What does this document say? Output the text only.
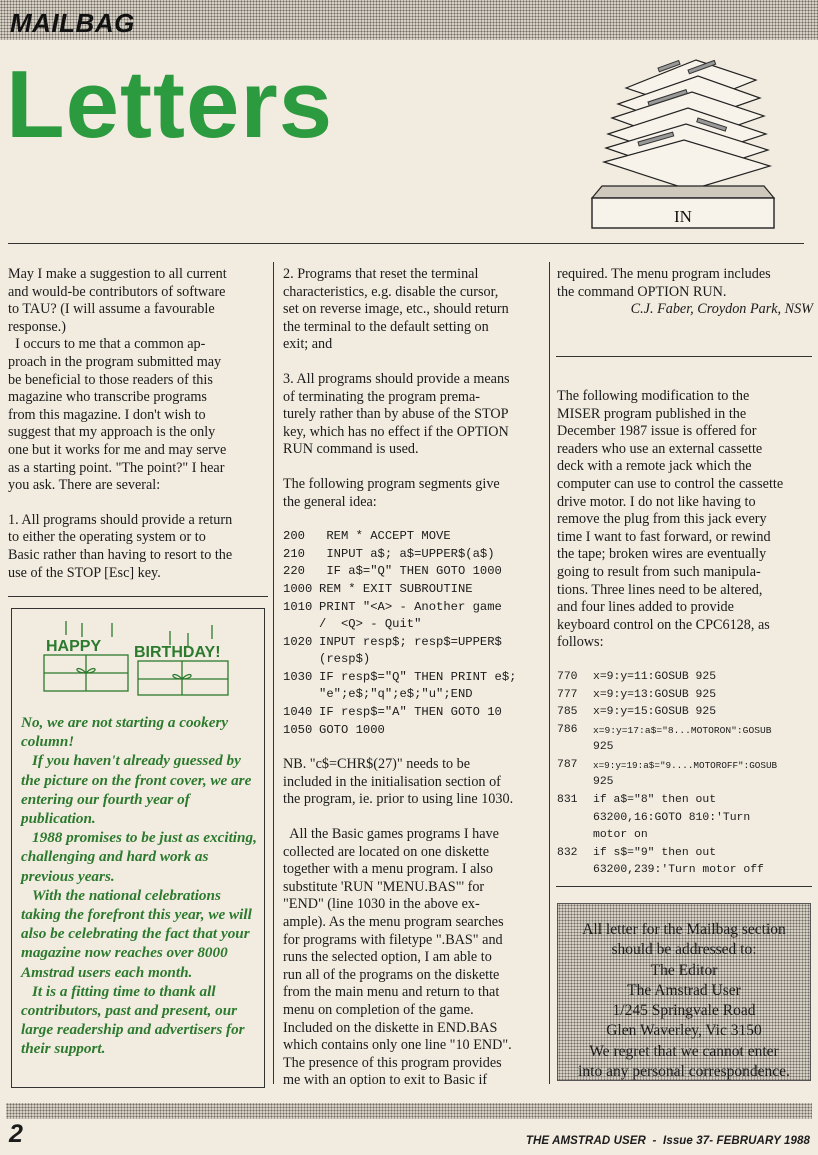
MAILBAG
Letters
IN

May I make a suggestion to all current

and would-be contributors of software

to TAU? (I will assume a favourable

response.)

I occurs to me that a common ap-

proach in the program submitted may

be beneficial to those readers of this

magazine who transcribe programs

from this magazine. I don't wish to

suggest that my approach is the only

one but it works for me and may serve

as a starting point. "The point?" I hear

you ask. There are several:

1. All programs should provide a return

to either the operating system or to

Basic rather than having to resort to the

use of the STOP [Esc] key.

HAPPY BIRTHDAY!

No, we are not starting a cookery column!

If you haven't already guessed by the picture on the front cover, we are entering our fourth year of publication.

1988 promises to be just as exciting, challenging and hard work as previous years.

With the national celebrations taking the forefront this year, we will also be celebrating the fact that your magazine now reaches over 8000 Amstrad users each month.

It is a fitting time to thank all contributors, past and present, our large readership and advertisers for their support.

2. Programs that reset the terminal

characteristics, e.g. disable the cursor,

set on reverse image, etc., should return

the terminal to the default setting on

exit; and

3. All programs should provide a means

of terminating the program prema-

turely rather than by abuse of the STOP

key, which has no effect if the OPTION

RUN command is used.

The following program segments give

the general idea:

200	REM * ACCEPT MOVE
210	INPUT a$; a$=UPPER$(a$)
220	IF a$="Q" THEN GOTO 1000
1000 REM * EXIT SUBROUTINE
1010 PRINT "<A> - Another game
/  <Q> - Quit"
1020 INPUT resp$; resp$=UPPER$
(resp$)
1030 IF resp$="Q" THEN PRINT e$;
"e";e$;"q";e$;"u";END
1040 IF resp$="A" THEN GOTO 10
1050 GOTO 1000

NB. "c$=CHR$(27)" needs to be

included in the initialisation section of

the program, ie. prior to using line 1030.

All the Basic games programs I have

collected are located on one diskette

together with a menu program. I also

substitute 'RUN "MENU.BAS"' for

"END" (line 1030 in the above ex-

ample). As the menu program searches

for programs with filetype ".BAS" and

runs the selected option, I am able to

run all of the programs on the diskette

from the main menu and return to that

menu on completion of the game.

Included on the diskette in END.BAS

which contains only one line "10 END".

The presence of this program provides

me with an option to exit to Basic if

required. The menu program includes

the command OPTION RUN.

C.J. Faber, Croydon Park, NSW

The following modification to the

MISER program published in the

December 1987 issue is offered for

readers who use an external cassette

deck with a remote jack which the

computer can use to control the cassette

drive motor. I do not like having to

remove the plug from this jack every

time I want to fast forward, or rewind

the tape; broken wires are eventually

going to result from such manipula-

tions. Three lines need to be altered,

and four lines added to provide

keyboard control on the CPC6128, as

follows:

770	x=9:y=11:GOSUB 925
777	x=9:y=13:GOSUB 925
785	x=9:y=15:GOSUB 925
786	x=9:y=17:a$="8...MOTORON":GOSUB
925
787	x=9:y=19:a$="9....MOTOROFF":GOSUB
925
831	if a$="8" then out
63200,16:GOTO 810:'Turn
motor on
832	if s$="9" then out
63200,239:'Turn motor off

All letter for the Mailbag section

should be addressed to:

The Editor

The Amstrad User

1/245 Springvale Road

Glen Waverley, Vic 3150

We regret that we cannot enter

into any personal correspondence.

2	THE AMSTRAD USER  -  Issue 37- FEBRUARY 1988
